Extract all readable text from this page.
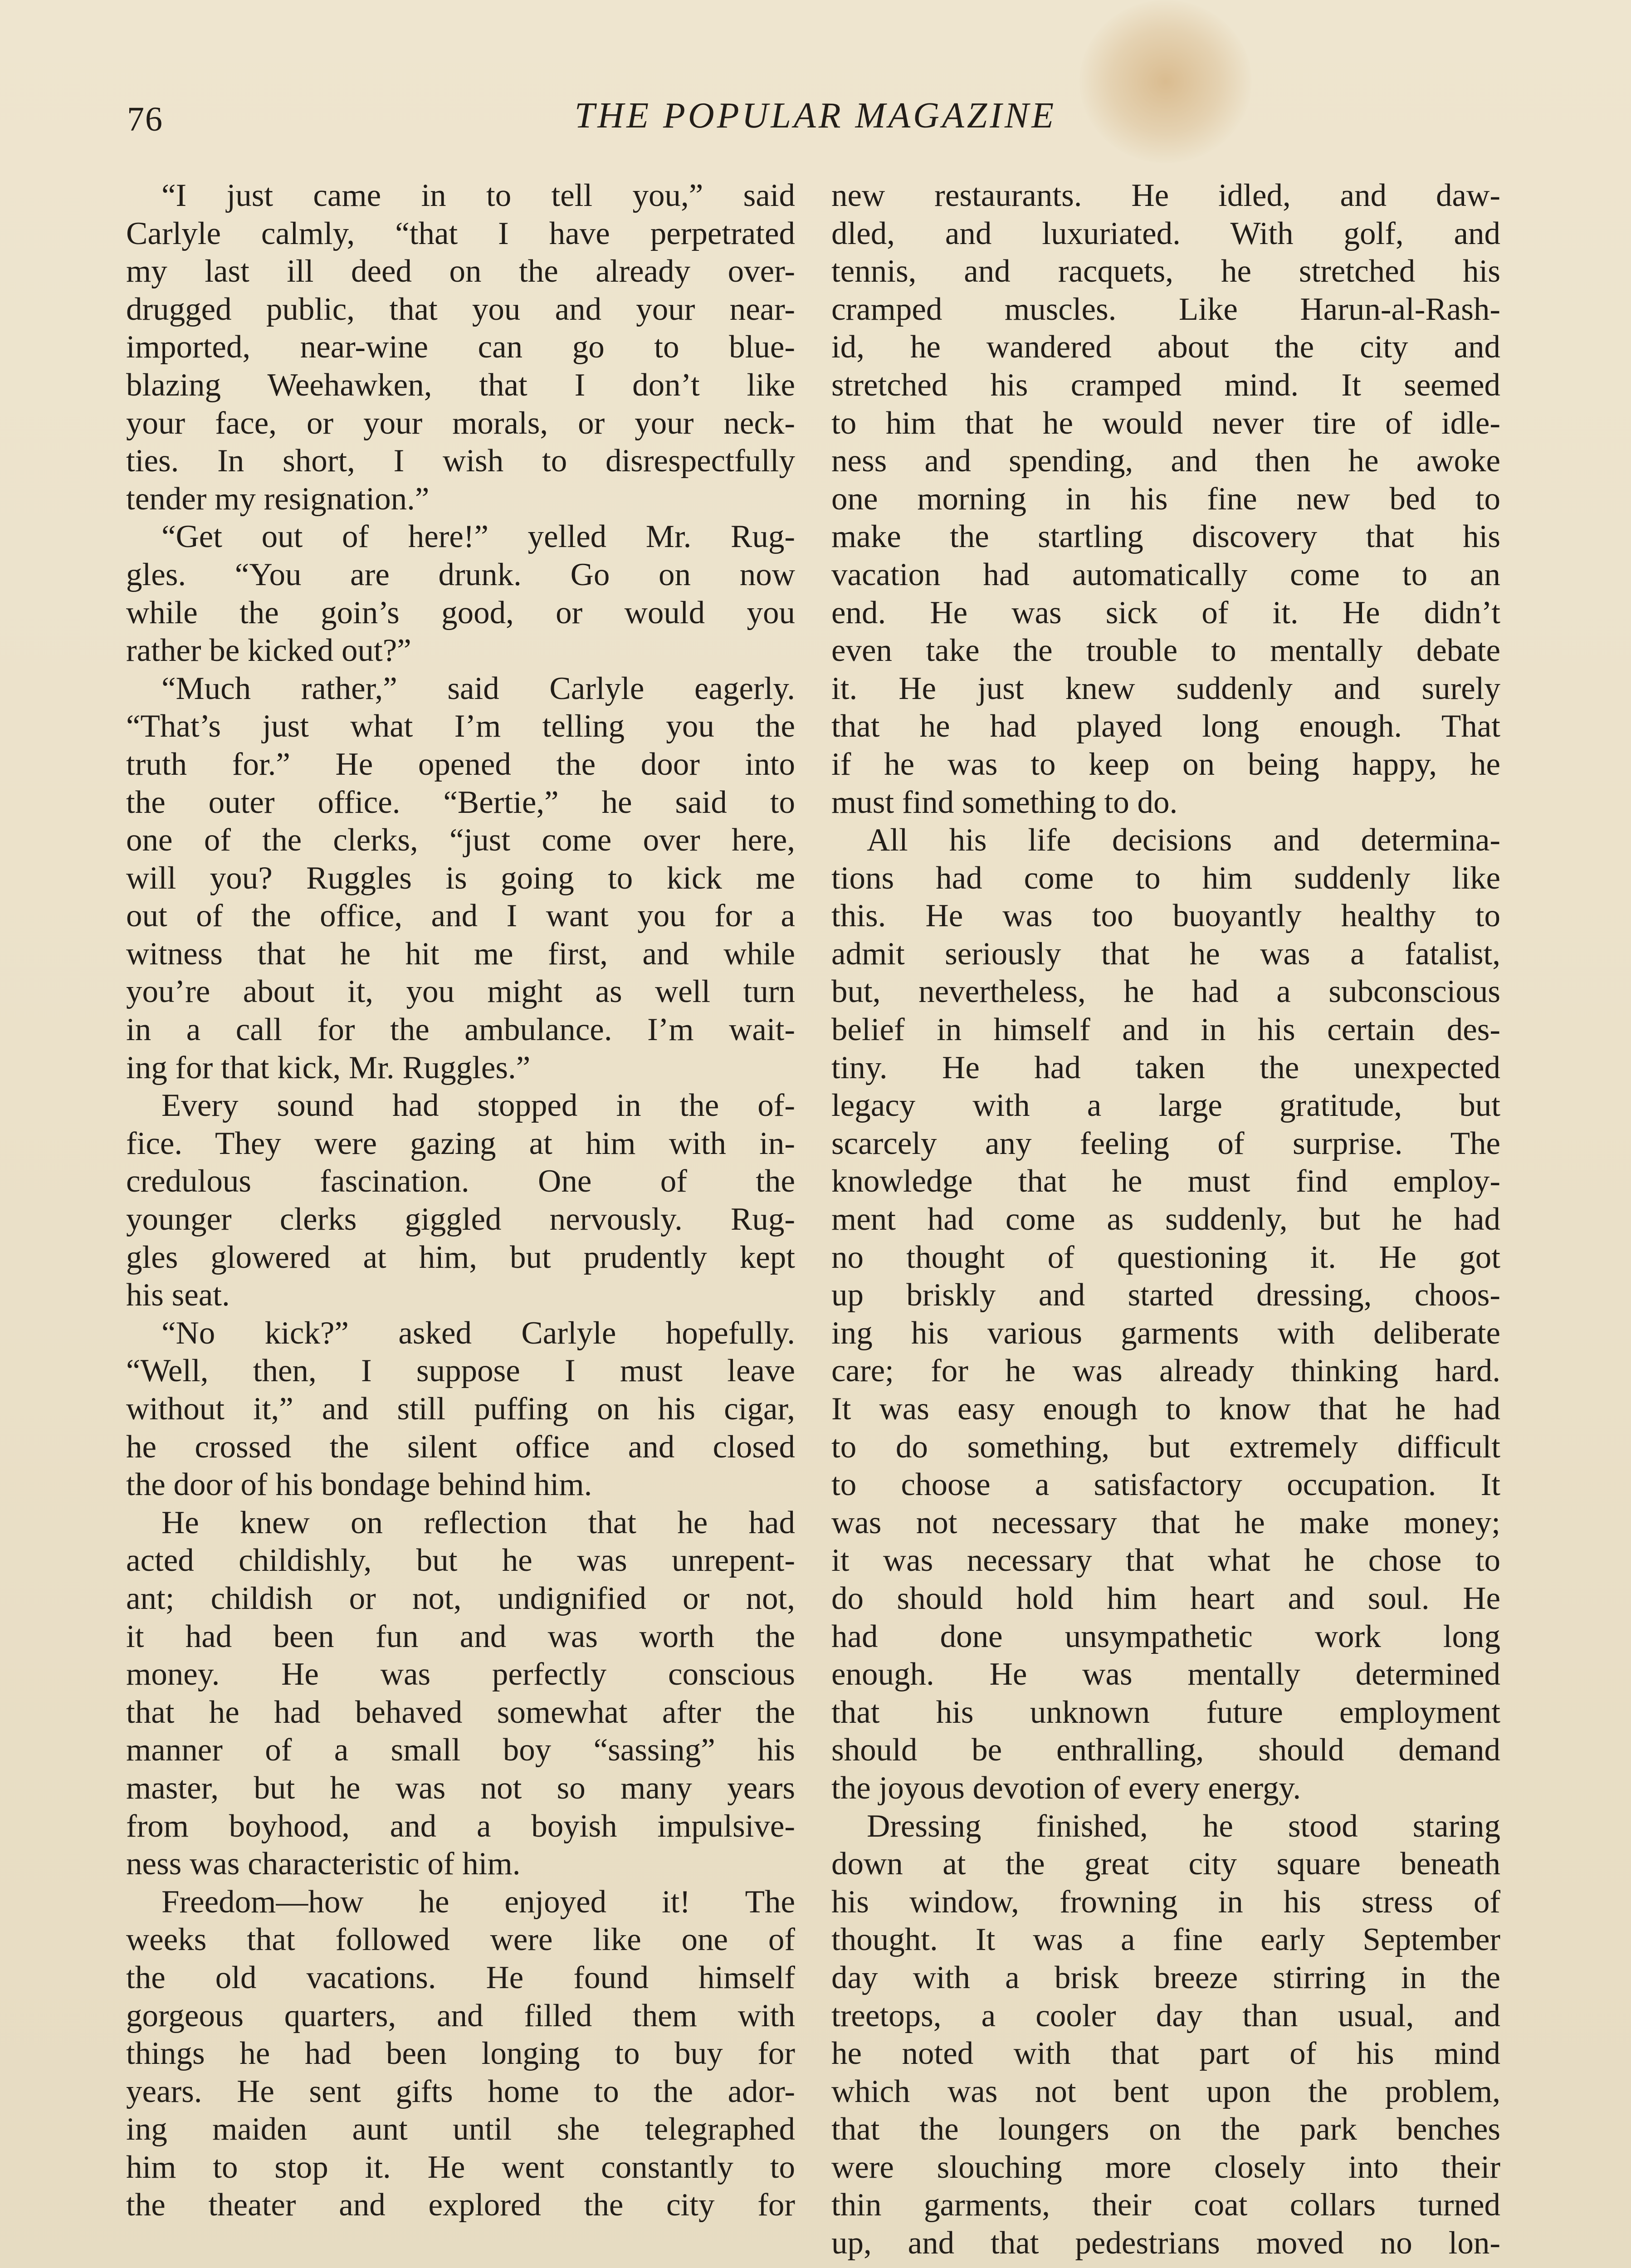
76	THE POPULAR MAGAZINE
“I just came in to tell you,” said
Carlyle calmly, “that I have perpetrated
my last ill deed on the already over-
drugged public, that you and your near-
imported, near-wine can go to blue-
blazing Weehawken, that I don’t like
your face, or your morals, or your neck-
ties. In short, I wish to disrespectfully
tender my resignation.”
“Get out of here!” yelled Mr. Rug-
gles. “You are drunk. Go on now
while the goin’s good, or would you
rather be kicked out?”
“Much rather,” said Carlyle eagerly.
“That’s just what I’m telling you the
truth for.” He opened the door into
the outer office. “Bertie,” he said to
one of the clerks, “just come over here,
will you? Ruggles is going to kick me
out of the office, and I want you for a
witness that he hit me first, and while
you’re about it, you might as well turn
in a call for the ambulance. I’m wait-
ing for that kick, Mr. Ruggles.”
Every sound had stopped in the of-
fice. They were gazing at him with in-
credulous fascination. One of the
younger clerks giggled nervously. Rug-
gles glowered at him, but prudently kept
his seat.
“No kick?” asked Carlyle hopefully.
“Well, then, I suppose I must leave
without it,” and still puffing on his cigar,
he crossed the silent office and closed
the door of his bondage behind him.
He knew on reflection that he had
acted childishly, but he was unrepent-
ant; childish or not, undignified or not,
it had been fun and was worth the
money. He was perfectly conscious
that he had behaved somewhat after the
manner of a small boy “sassing” his
master, but he was not so many years
from boyhood, and a boyish impulsive-
ness was characteristic of him.
Freedom—how he enjoyed it! The
weeks that followed were like one of
the old vacations. He found himself
gorgeous quarters, and filled them with
things he had been longing to buy for
years. He sent gifts home to the ador-
ing maiden aunt until she telegraphed
him to stop it. He went constantly to
the theater and explored the city for
new restaurants. He idled, and daw-
dled, and luxuriated. With golf, and
tennis, and racquets, he stretched his
cramped muscles. Like Harun-al-Rash-
id, he wandered about the city and
stretched his cramped mind. It seemed
to him that he would never tire of idle-
ness and spending, and then he awoke
one morning in his fine new bed to
make the startling discovery that his
vacation had automatically come to an
end. He was sick of it. He didn’t
even take the trouble to mentally debate
it. He just knew suddenly and surely
that he had played long enough. That
if he was to keep on being happy, he
must find something to do.
All his life decisions and determina-
tions had come to him suddenly like
this. He was too buoyantly healthy to
admit seriously that he was a fatalist,
but, nevertheless, he had a subconscious
belief in himself and in his certain des-
tiny. He had taken the unexpected
legacy with a large gratitude, but
scarcely any feeling of surprise. The
knowledge that he must find employ-
ment had come as suddenly, but he had
no thought of questioning it. He got
up briskly and started dressing, choos-
ing his various garments with deliberate
care; for he was already thinking hard.
It was easy enough to know that he had
to do something, but extremely difficult
to choose a satisfactory occupation. It
was not necessary that he make money;
it was necessary that what he chose to
do should hold him heart and soul. He
had done unsympathetic work long
enough. He was mentally determined
that his unknown future employment
should be enthralling, should demand
the joyous devotion of every energy.
Dressing finished, he stood staring
down at the great city square beneath
his window, frowning in his stress of
thought. It was a fine early September
day with a brisk breeze stirring in the
treetops, a cooler day than usual, and
he noted with that part of his mind
which was not bent upon the problem,
that the loungers on the park benches
were slouching more closely into their
thin garments, their coat collars turned
up, and that pedestrians moved no lon-
